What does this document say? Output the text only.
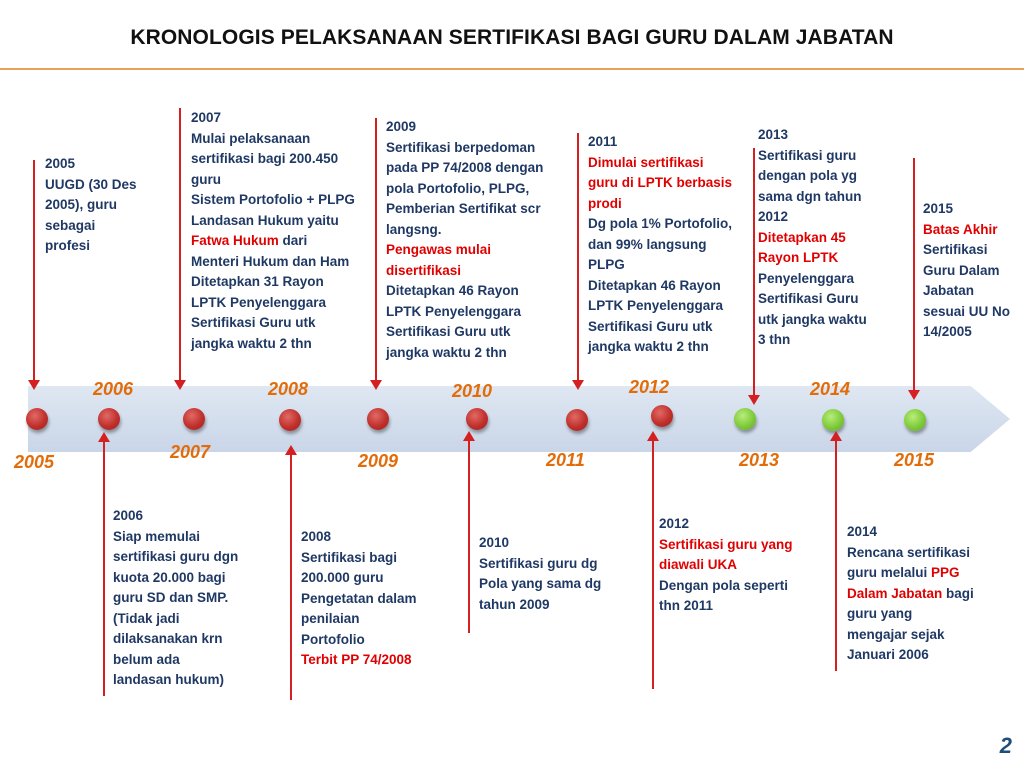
KRONOLOGIS PELAKSANAAN SERTIFIKASI BAGI GURU DALAM JABATAN
2005
2006
2007
2008
2009
2010
2011
2012
2013
2014
2015
2005
UUGD (30 Des
2005), guru
sebagai
profesi
2006
Siap memulai
sertifikasi guru dgn
kuota 20.000 bagi
guru SD dan SMP.
(Tidak jadi
dilaksanakan krn
belum ada
landasan hukum)
2007
Mulai pelaksanaan
sertifikasi bagi 200.450
guru
Sistem Portofolio + PLPG
Landasan Hukum yaitu
Fatwa Hukum dari
Menteri Hukum dan Ham
Ditetapkan 31 Rayon
LPTK Penyelenggara
Sertifikasi Guru utk
jangka waktu 2 thn
2008
Sertifikasi bagi
200.000 guru
Pengetatan dalam
penilaian
Portofolio
Terbit PP 74/2008
2009
Sertifikasi berpedoman
pada PP 74/2008 dengan
pola Portofolio, PLPG,
Pemberian Sertifikat scr
langsng.
Pengawas mulai
disertifikasi
Ditetapkan 46 Rayon
LPTK Penyelenggara
Sertifikasi Guru utk
jangka waktu 2 thn
2010
Sertifikasi guru dg
Pola yang sama dg
tahun 2009
2011
Dimulai sertifikasi
guru di LPTK berbasis
prodi
Dg pola 1% Portofolio,
dan 99% langsung
PLPG
Ditetapkan 46 Rayon
LPTK Penyelenggara
Sertifikasi Guru utk
jangka waktu 2 thn
2012
Sertifikasi guru yang
diawali UKA
Dengan pola seperti
thn 2011
2013
Sertifikasi guru
dengan pola yg
sama dgn tahun
2012
Ditetapkan 45
Rayon LPTK
Penyelenggara
Sertifikasi Guru
utk jangka waktu
3 thn
2014
Rencana sertifikasi
guru melalui PPG
Dalam Jabatan bagi
guru yang
mengajar sejak
Januari 2006
2015
Batas Akhir
Sertifikasi
Guru Dalam
Jabatan
sesuai UU No
14/2005
2
